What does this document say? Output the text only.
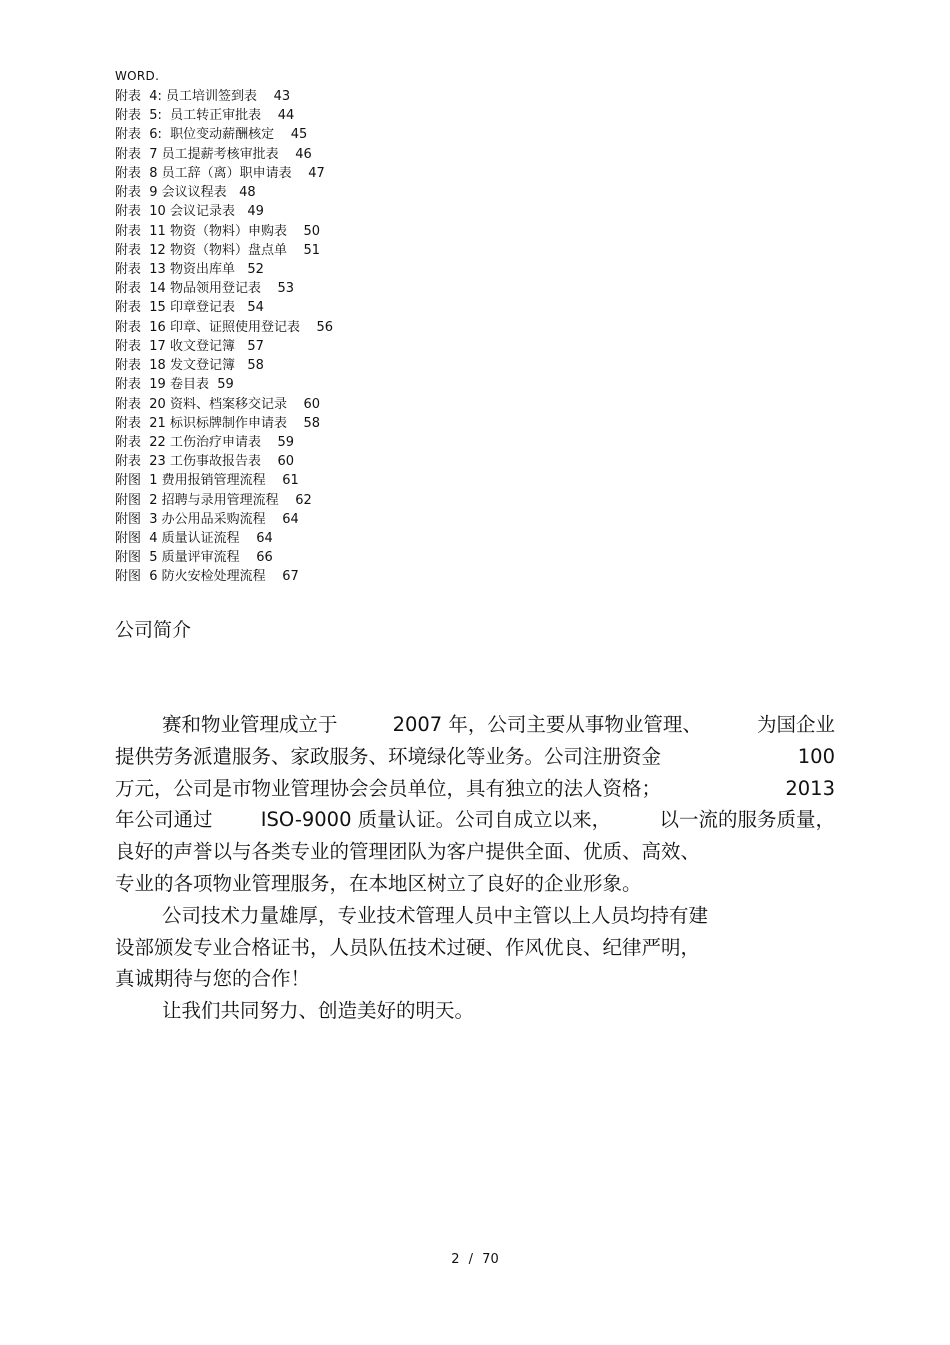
WORD.
附表  4: 员工培训签到表    43
附表  5:  员工转正审批表    44
附表  6:  职位变动薪酬核定    45
附表  7 员工提薪考核审批表    46
附表  8 员工辞（离）职申请表    47
附表  9 会议议程表   48
附表  10 会议记录表   49
附表  11 物资（物料）申购表    50
附表  12 物资（物料）盘点单    51
附表  13 物资出库单   52
附表  14 物品领用登记表    53
附表  15 印章登记表   54
附表  16 印章、证照使用登记表    56
附表  17 收文登记簿   57
附表  18 发文登记簿   58
附表  19 卷目表  59
附表  20 资料、档案移交记录    60
附表  21 标识标牌制作申请表    58
附表  22 工伤治疗申请表    59
附表  23 工伤事故报告表    60
附图  1 费用报销管理流程    61
附图  2 招聘与录用管理流程    62
附图  3 办公用品采购流程    64
附图  4 质量认证流程    64
附图  5 质量评审流程    66
附图  6 防火安检处理流程    67
公司简介
赛和物业管理成立于	2007 年，公司主要从事物业管理、	为国企业
提供劳务派遣服务、家政服务、环境绿化等业务。公司注册资金	100
万元，公司是市物业管理协会会员单位，具有独立的法人资格；	2013
年公司通过 ISO-9000 质量认证。公司自成立以来， 以一流的服务质量，
良好的声誉以与各类专业的管理团队为客户提供全面、优质、高效、
专业的各项物业管理服务，在本地区树立了良好的企业形象。
公司技术力量雄厚，专业技术管理人员中主管以上人员均持有建
设部颁发专业合格证书，人员队伍技术过硬、作风优良、纪律严明，
真诚期待与您的合作！
让我们共同努力、创造美好的明天。
2 / 70
